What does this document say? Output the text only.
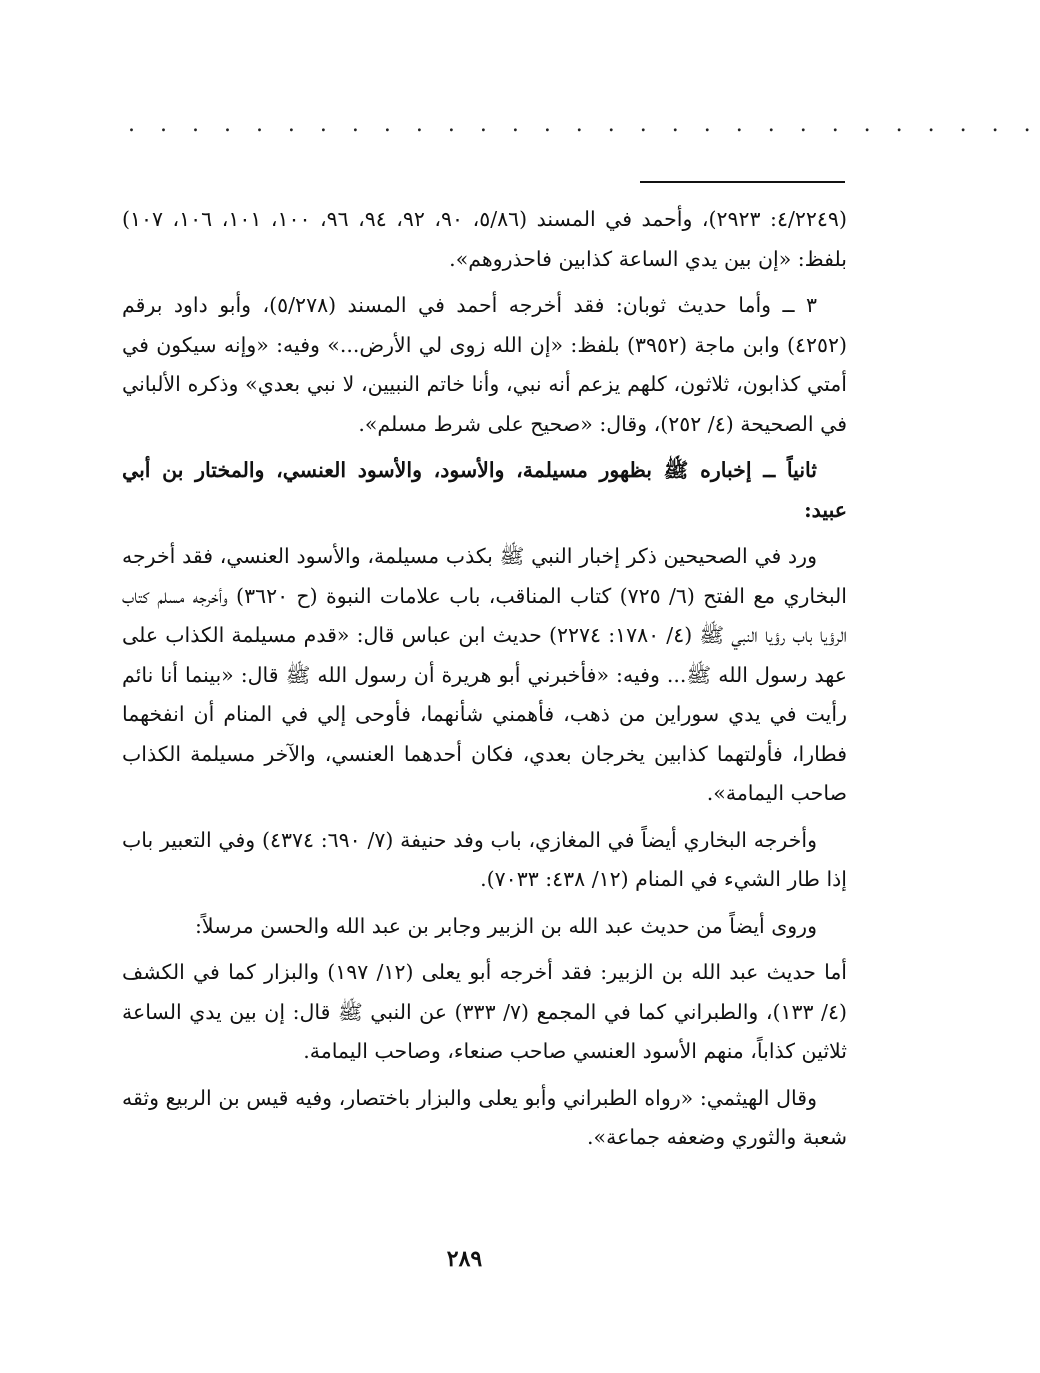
. . . . . . . . . . . . . . . . . . . . . . . . . . . . .

(٤/٢٢٤٩: ٢٩٢٣)، وأحمد في المسند (٥/٨٦، ٩٠، ٩٢، ٩٤، ٩٦، ١٠٠، ١٠١، ١٠٦، ١٠٧) بلفظ: «إن بين يدي الساعة كذابين فاحذروهم».

٣ ــ وأما حديث ثوبان: فقد أخرجه أحمد في المسند (٥/٢٧٨)، وأبو داود برقم (٤٢٥٢) وابن ماجة (٣٩٥٢) بلفظ: «إن الله زوى لي الأرض...» وفيه: «وإنه سيكون في أمتي كذابون، ثلاثون، كلهم يزعم أنه نبي، وأنا خاتم النبيين، لا نبي بعدي» وذكره الألباني في الصحيحة (٤/ ٢٥٢)، وقال: «صحيح على شرط مسلم».

ثانياً ــ إخباره ﷺ بظهور مسيلمة، والأسود، والأسود العنسي، والمختار بن أبي عبيد:

ورد في الصحيحين ذكر إخبار النبي ﷺ بكذب مسيلمة، والأسود العنسي، فقد أخرجه البخاري مع الفتح (٦/ ٧٢٥) كتاب المناقب، باب علامات النبوة (ح ٣٦٢٠) وأخرجه مسلم كتاب الرؤيا باب رؤيا النبي ﷺ (٤/ ١٧٨٠: ٢٢٧٤) حديث ابن عباس قال: «قدم مسيلمة الكذاب على عهد رسول الله ﷺ... وفيه: «فأخبرني أبو هريرة أن رسول الله ﷺ قال: «بينما أنا نائم رأيت في يدي سوراين من ذهب، فأهمني شأنهما، فأوحى إلي في المنام أن انفخهما فطارا، فأولتهما كذابين يخرجان بعدي، فكان أحدهما العنسي، والآخر مسيلمة الكذاب صاحب اليمامة».

وأخرجه البخاري أيضاً في المغازي، باب وفد حنيفة (٧/ ٦٩٠: ٤٣٧٤) وفي التعبير باب إذا طار الشيء في المنام (١٢/ ٤٣٨: ٧٠٣٣).

وروى أيضاً من حديث عبد الله بن الزبير وجابر بن عبد الله والحسن مرسلاً:

أما حديث عبد الله بن الزبير: فقد أخرجه أبو يعلى (١٢/ ١٩٧) والبزار كما في الكشف (٤/ ١٣٣)، والطبراني كما في المجمع (٧/ ٣٣٣) عن النبي ﷺ قال: إن بين يدي الساعة ثلاثين كذاباً، منهم الأسود العنسي صاحب صنعاء، وصاحب اليمامة.

وقال الهيثمي: «رواه الطبراني وأبو يعلى والبزار باختصار، وفيه قيس بن الربيع وثقه شعبة والثوري وضعفه جماعة».

٢٨٩
